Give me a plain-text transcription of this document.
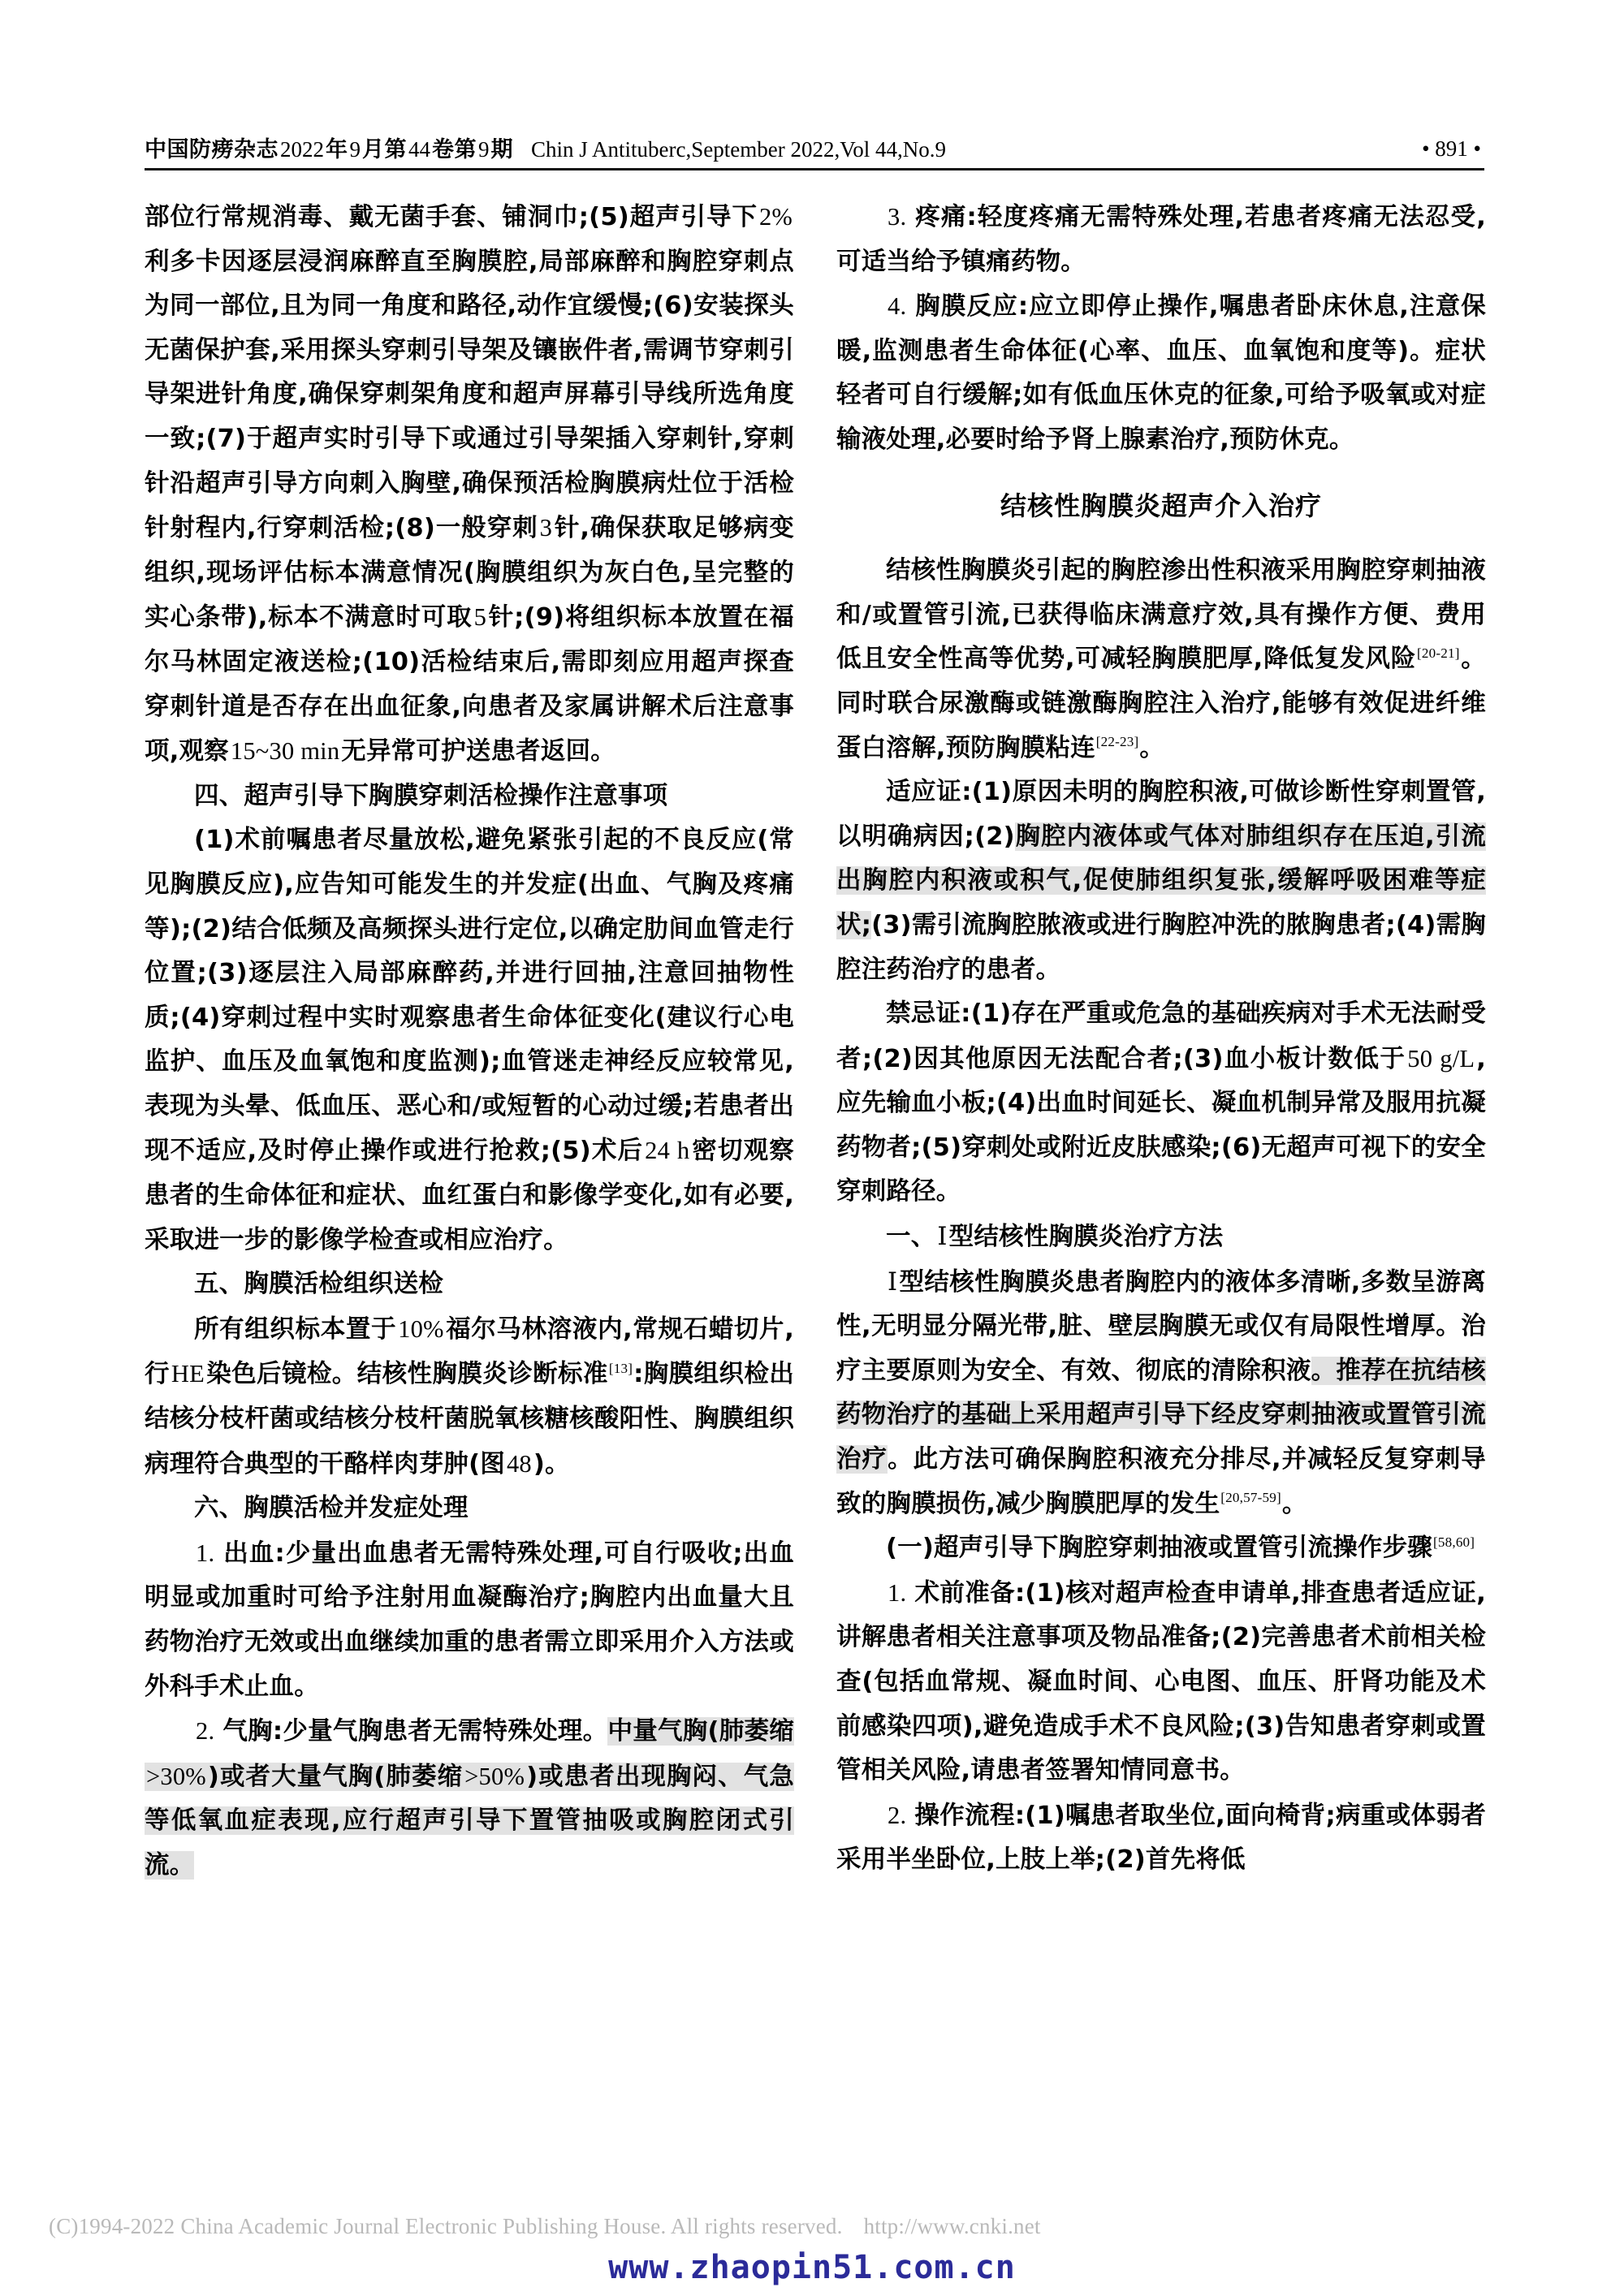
中国防痨杂志2022年9月第44卷第9期 Chin J Antituberc,September 2022,Vol 44,No.9	• 891 •

部位行常规消毒、戴无菌手套、铺洞巾;(5)超声引导下2%利多卡因逐层浸润麻醉直至胸膜腔,局部麻醉和胸腔穿刺点为同一部位,且为同一角度和路径,动作宜缓慢;(6)安装探头无菌保护套,采用探头穿刺引导架及镶嵌件者,需调节穿刺引导架进针角度,确保穿刺架角度和超声屏幕引导线所选角度一致;(7)于超声实时引导下或通过引导架插入穿刺针,穿刺针沿超声引导方向刺入胸壁,确保预活检胸膜病灶位于活检针射程内,行穿刺活检;(8)一般穿刺3针,确保获取足够病变组织,现场评估标本满意情况(胸膜组织为灰白色,呈完整的实心条带),标本不满意时可取5针;(9)将组织标本放置在福尔马林固定液送检;(10)活检结束后,需即刻应用超声探查穿刺针道是否存在出血征象,向患者及家属讲解术后注意事项,观察15~30 min无异常可护送患者返回。

四、超声引导下胸膜穿刺活检操作注意事项

(1)术前嘱患者尽量放松,避免紧张引起的不良反应(常见胸膜反应),应告知可能发生的并发症(出血、气胸及疼痛等);(2)结合低频及高频探头进行定位,以确定肋间血管走行位置;(3)逐层注入局部麻醉药,并进行回抽,注意回抽物性质;(4)穿刺过程中实时观察患者生命体征变化(建议行心电监护、血压及血氧饱和度监测);血管迷走神经反应较常见,表现为头晕、低血压、恶心和/或短暂的心动过缓;若患者出现不适应,及时停止操作或进行抢救;(5)术后24 h密切观察患者的生命体征和症状、血红蛋白和影像学变化,如有必要,采取进一步的影像学检查或相应治疗。

五、胸膜活检组织送检

所有组织标本置于10%福尔马林溶液内,常规石蜡切片,行HE染色后镜检。结核性胸膜炎诊断标准[13]:胸膜组织检出结核分枝杆菌或结核分枝杆菌脱氧核糖核酸阳性、胸膜组织病理符合典型的干酪样肉芽肿(图48)。

六、胸膜活检并发症处理

1. 出血:少量出血患者无需特殊处理,可自行吸收;出血明显或加重时可给予注射用血凝酶治疗;胸腔内出血量大且药物治疗无效或出血继续加重的患者需立即采用介入方法或外科手术止血。

2. 气胸:少量气胸患者无需特殊处理。中量气胸(肺萎缩>30%)或者大量气胸(肺萎缩>50%)或患者出现胸闷、气急等低氧血症表现,应行超声引导下置管抽吸或胸腔闭式引流。

3. 疼痛:轻度疼痛无需特殊处理,若患者疼痛无法忍受,可适当给予镇痛药物。

4. 胸膜反应:应立即停止操作,嘱患者卧床休息,注意保暖,监测患者生命体征(心率、血压、血氧饱和度等)。症状轻者可自行缓解;如有低血压休克的征象,可给予吸氧或对症输液处理,必要时给予肾上腺素治疗,预防休克。

结核性胸膜炎超声介入治疗

结核性胸膜炎引起的胸腔渗出性积液采用胸腔穿刺抽液和/或置管引流,已获得临床满意疗效,具有操作方便、费用低且安全性高等优势,可减轻胸膜肥厚,降低复发风险[20-21]。同时联合尿激酶或链激酶胸腔注入治疗,能够有效促进纤维蛋白溶解,预防胸膜粘连[22-23]。

适应证:(1)原因未明的胸腔积液,可做诊断性穿刺置管,以明确病因;(2)胸腔内液体或气体对肺组织存在压迫,引流出胸腔内积液或积气,促使肺组织复张,缓解呼吸困难等症状;(3)需引流胸腔脓液或进行胸腔冲洗的脓胸患者;(4)需胸腔注药治疗的患者。

禁忌证:(1)存在严重或危急的基础疾病对手术无法耐受者;(2)因其他原因无法配合者;(3)血小板计数低于50 g/L,应先输血小板;(4)出血时间延长、凝血机制异常及服用抗凝药物者;(5)穿刺处或附近皮肤感染;(6)无超声可视下的安全穿刺路径。

一、Ⅰ型结核性胸膜炎治疗方法

Ⅰ型结核性胸膜炎患者胸腔内的液体多清晰,多数呈游离性,无明显分隔光带,脏、壁层胸膜无或仅有局限性增厚。治疗主要原则为安全、有效、彻底的清除积液。推荐在抗结核药物治疗的基础上采用超声引导下经皮穿刺抽液或置管引流治疗。此方法可确保胸腔积液充分排尽,并减轻反复穿刺导致的胸膜损伤,减少胸膜肥厚的发生[20,57-59]。

(一)超声引导下胸腔穿刺抽液或置管引流操作步骤[58,60]

1. 术前准备:(1)核对超声检查申请单,排查患者适应证,讲解患者相关注意事项及物品准备;(2)完善患者术前相关检查(包括血常规、凝血时间、心电图、血压、肝肾功能及术前感染四项),避免造成手术不良风险;(3)告知患者穿刺或置管相关风险,请患者签署知情同意书。

2. 操作流程:(1)嘱患者取坐位,面向椅背;病重或体弱者采用半坐卧位,上肢上举;(2)首先将低

(C)1994-2022 China Academic Journal Electronic Publishing House. All rights reserved. http://www.cnki.net
www.zhaopin51.com.cn
